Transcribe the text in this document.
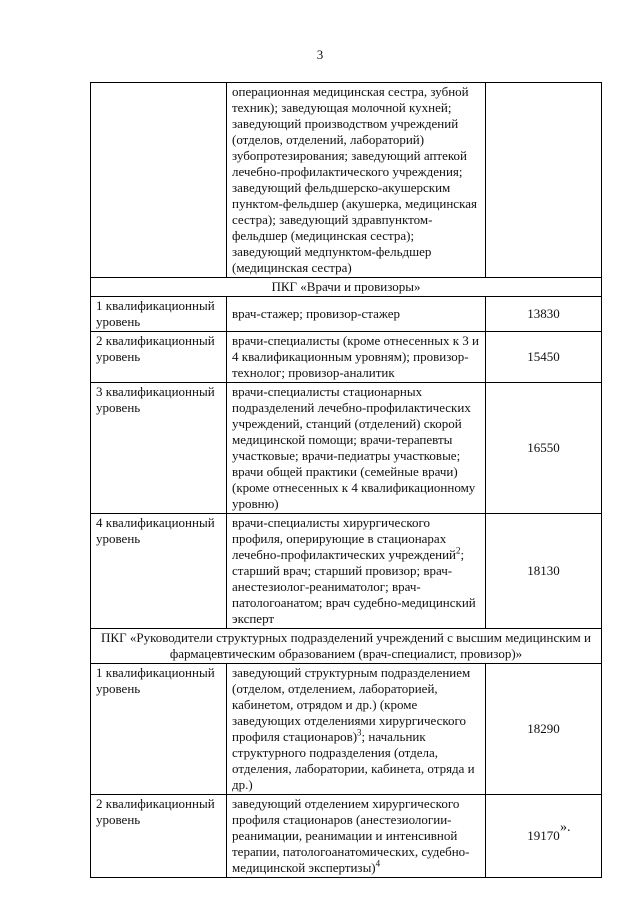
3
	операционная медицинская сестра, зубной техник); заведующая молочной кухней; заведующий производством учреждений (отделов, отделений, лабораторий) зубопротезирования; заведующий аптекой лечебно-профилактического учреждения; заведующий фельдшерско-акушерским пунктом-фельдшер (акушерка, медицинская сестра); заведующий здравпунктом-фельдшер (медицинская сестра); заведующий медпунктом-фельдшер (медицинская сестра)	
ПКГ «Врачи и провизоры»		
1 квалификационный уровень	врач-стажер; провизор-стажер	13830
2 квалификационный уровень	врачи-специалисты (кроме отнесенных к 3 и 4 квалификационным уровням); провизор-технолог; провизор-аналитик	15450
3 квалификационный уровень	врачи-специалисты стационарных подразделений лечебно-профилактических учреждений, станций (отделений) скорой медицинской помощи; врачи-терапевты участковые; врачи-педиатры участковые; врачи общей практики (семейные врачи) (кроме отнесенных к 4 квалификационному уровню)	16550
4 квалификационный уровень	врачи-специалисты хирургического профиля, оперирующие в стационарах лечебно-профилактических учреждений$^2$; старший врач; старший провизор; врач-анестезиолог-реаниматолог; врач-патологоанатом; врач судебно-медицинский эксперт	18130
ПКГ «Руководители структурных подразделений учреждений с высшим медицинским и фармацевтическим образованием (врач-специалист, провизор)»		
1 квалификационный уровень	заведующий структурным подразделением (отделом, отделением, лабораторией, кабинетом, отрядом и др.) (кроме заведующих отделениями хирургического профиля стационаров)$^3$; начальник структурного подразделения (отдела, отделения, лаборатории, кабинета, отряда и др.)	18290
2 квалификационный уровень	заведующий отделением хирургического профиля стационаров (анестезиологии-реанимации, реанимации и интенсивной терапии, патологоанатомических, судебно-медицинской экспертизы)$^4$	19170
».
